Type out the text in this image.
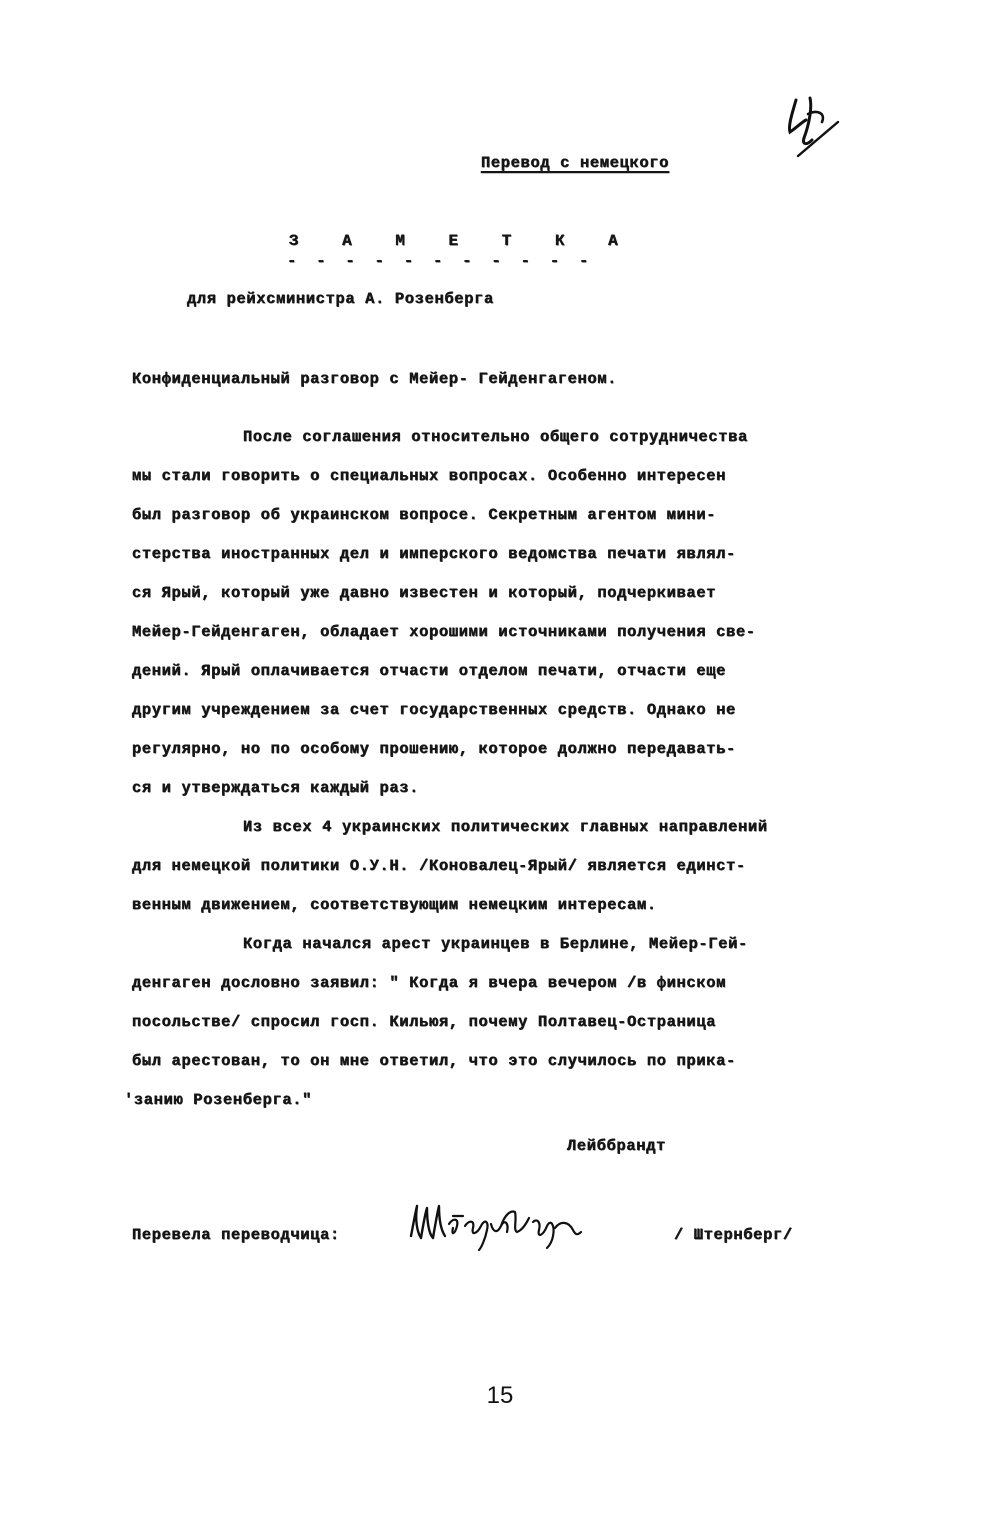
Перевод с немецкого
З А М Е Т К А
- - - - - - - - - - -
для рейхсминистра А. Розенберга
Конфиденциальный разговор с Мейер- Гейденгагеном.
После соглашения относительно общего сотрудничества
мы стали говорить о специальных вопросах. Особенно интересен
был разговор об украинском вопросе. Секретным агентом мини-
стерства иностранных дел и имперского ведомства печати являл-
ся Ярый, который уже давно известен и который, подчеркивает
Мейер-Гейденгаген, обладает хорошими источниками получения све-
дений. Ярый оплачивается отчасти отделом печати, отчасти еще
другим учреждением за счет государственных средств. Однако не
регулярно, но по особому прошению, которое должно передавать-
ся и утверждаться каждый раз.
Из всех 4 украинских политических главных направлений
для немецкой политики О.У.Н. /Коновалец-Ярый/ является единст-
венным движением, соответствующим немецким интересам.
Когда начался арест украинцев в Берлине, Мейер-Гей-
денгаген дословно заявил: " Когда я вчера вечером /в финском
посольстве/ спросил госп. Кильюя, почему Полтавец-Остраница
был арестован, то он мне ответил, что это случилось по прика-
'занию Розенберга."
Лейббрандт
Перевела переводчица:	/ Штернберг/
15
